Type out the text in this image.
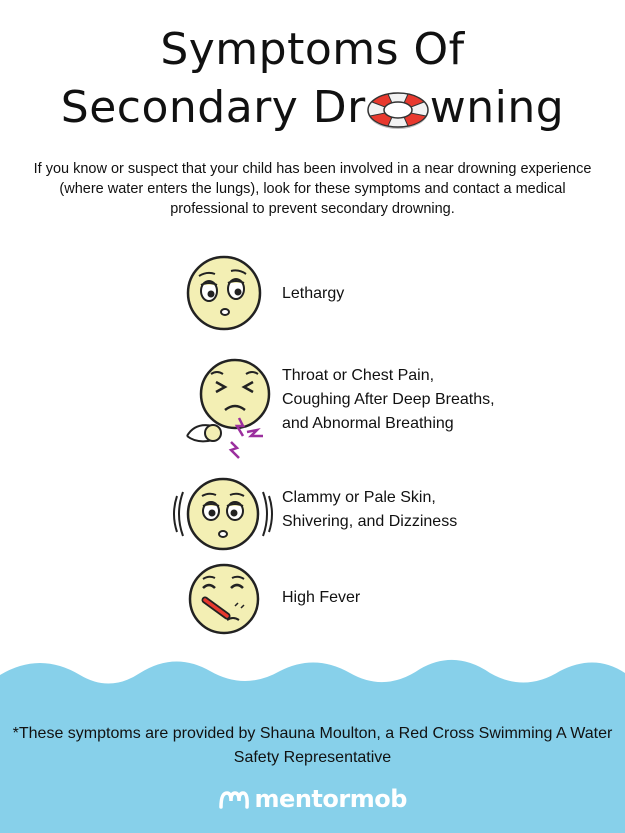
Symptoms Of
Secondary Dr wning

If you know or suspect that your child has been involved in a near drowning experience (where water enters the lungs), look for these symptoms and contact a medical professional to prevent secondary drowning.

Lethargy
Throat or Chest Pain,
Coughing After Deep Breaths,
and Abnormal Breathing
Clammy or Pale Skin,
Shivering, and Dizziness
High Fever

*These symptoms are provided by Shauna Moulton, a Red Cross Swimming A Water Safety Representative

mentormob
